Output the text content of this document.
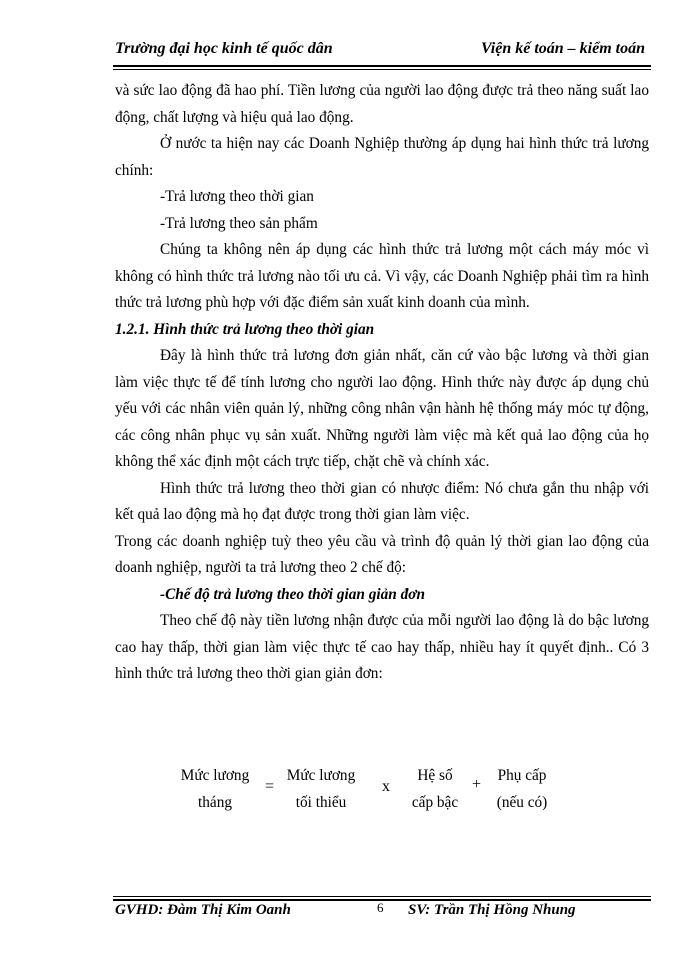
Trường đại học kinh tế quốc dân	Viện kế toán – kiểm toán

và sức lao động đã hao phí. Tiền lương của người lao động được trả theo năng suất lao động, chất lượng và hiệu quả lao động.

Ở nước ta hiện nay các Doanh Nghiệp thường áp dụng hai hình thức trả lương chính:

-Trả lương theo thời gian

-Trả lương theo sản phẩm

Chúng ta không nên áp dụng các hình thức trả lương một cách máy móc vì không có hình thức trả lương nào tối ưu cả. Vì vậy, các Doanh Nghiệp phải tìm ra hình thức trả lương phù hợp với đặc điểm sản xuất kinh doanh của mình.

1.2.1. Hình thức trả lương theo thời gian

Đây là hình thức trả lương đơn giản nhất, căn cứ vào bậc lương và thời gian làm việc thực tế để tính lương cho người lao động. Hình thức này được áp dụng chủ yếu với các nhân viên quản lý, những công nhân vận hành hệ thống máy móc tự động, các công nhân phục vụ sản xuất. Những người làm việc mà kết quả lao động của họ không thể xác định một cách trực tiếp, chặt chẽ và chính xác.

Hình thức trả lương theo thời gian có nhược điểm: Nó chưa gắn thu nhập với kết quả lao động mà họ đạt được trong thời gian làm việc.

Trong các doanh nghiệp tuỳ theo yêu cầu và trình độ quản lý thời gian lao động của doanh nghiệp, người ta trả lương theo 2 chế độ:

-Chế độ trả lương theo thời gian giản đơn

Theo chế độ này tiền lương nhận được của mỗi người lao động là do bậc lương cao hay thấp, thời gian làm việc thực tế cao hay thấp, nhiều hay ít quyết định.. Có 3 hình thức trả lương theo thời gian giản đơn:

Mức lương
tháng
=
Mức lương
tối thiểu
x
Hệ số
cấp bậc
+
Phụ cấp
(nếu có)
GVHD: Đàm Thị Kim Oanh	6 SV: Trần Thị Hồng Nhung
